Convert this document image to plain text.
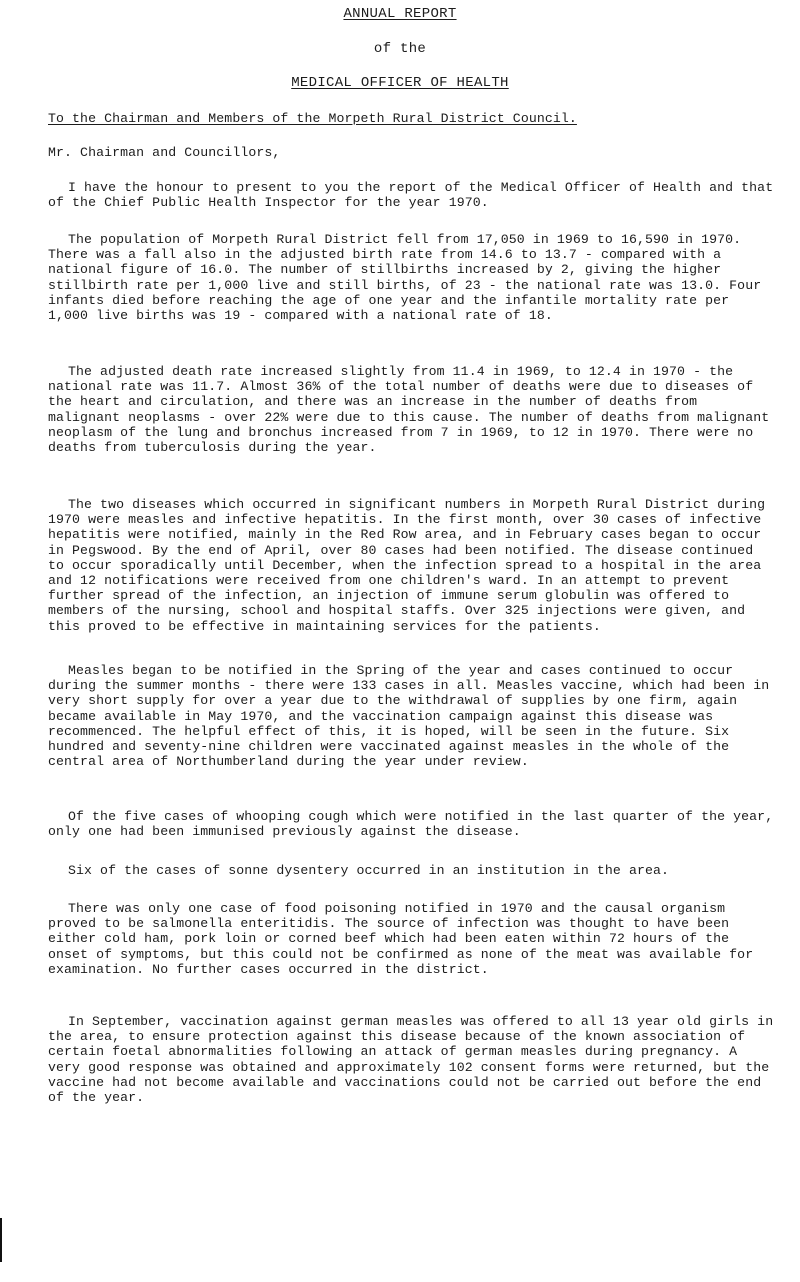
ANNUAL REPORT
of the
MEDICAL OFFICER OF HEALTH

To the Chairman and Members of the Morpeth Rural District Council.

Mr. Chairman and Councillors,

I have the honour to present to you the report of the Medical Officer of Health and that of the Chief Public Health Inspector for the year 1970.

The population of Morpeth Rural District fell from 17,050 in 1969 to 16,590 in 1970. There was a fall also in the adjusted birth rate from 14.6 to 13.7 - compared with a national figure of 16.0. The number of stillbirths increased by 2, giving the higher stillbirth rate per 1,000 live and still births, of 23 - the national rate was 13.0. Four infants died before reaching the age of one year and the infantile mortality rate per 1,000 live births was 19 - compared with a national rate of 18.

The adjusted death rate increased slightly from 11.4 in 1969, to 12.4 in 1970 - the national rate was 11.7. Almost 36% of the total number of deaths were due to diseases of the heart and circulation, and there was an increase in the number of deaths from malignant neoplasms - over 22% were due to this cause. The number of deaths from malignant neoplasm of the lung and bronchus increased from 7 in 1969, to 12 in 1970. There were no deaths from tuberculosis during the year.

The two diseases which occurred in significant numbers in Morpeth Rural District during 1970 were measles and infective hepatitis. In the first month, over 30 cases of infective hepatitis were notified, mainly in the Red Row area, and in February cases began to occur in Pegswood. By the end of April, over 80 cases had been notified. The disease continued to occur sporadically until December, when the infection spread to a hospital in the area and 12 notifications were received from one children's ward. In an attempt to prevent further spread of the infection, an injection of immune serum globulin was offered to members of the nursing, school and hospital staffs. Over 325 injections were given, and this proved to be effective in maintaining services for the patients.

Measles began to be notified in the Spring of the year and cases continued to occur during the summer months - there were 133 cases in all. Measles vaccine, which had been in very short supply for over a year due to the withdrawal of supplies by one firm, again became available in May 1970, and the vaccination campaign against this disease was recommenced. The helpful effect of this, it is hoped, will be seen in the future. Six hundred and seventy-nine children were vaccinated against measles in the whole of the central area of Northumberland during the year under review.

Of the five cases of whooping cough which were notified in the last quarter of the year, only one had been immunised previously against the disease.

Six of the cases of sonne dysentery occurred in an institution in the area.

There was only one case of food poisoning notified in 1970 and the causal organism proved to be salmonella enteritidis. The source of infection was thought to have been either cold ham, pork loin or corned beef which had been eaten within 72 hours of the onset of symptoms, but this could not be confirmed as none of the meat was available for examination. No further cases occurred in the district.

In September, vaccination against german measles was offered to all 13 year old girls in the area, to ensure protection against this disease because of the known association of certain foetal abnormalities following an attack of german measles during pregnancy. A very good response was obtained and approximately 102 consent forms were returned, but the vaccine had not become available and vaccinations could not be carried out before the end of the year.
